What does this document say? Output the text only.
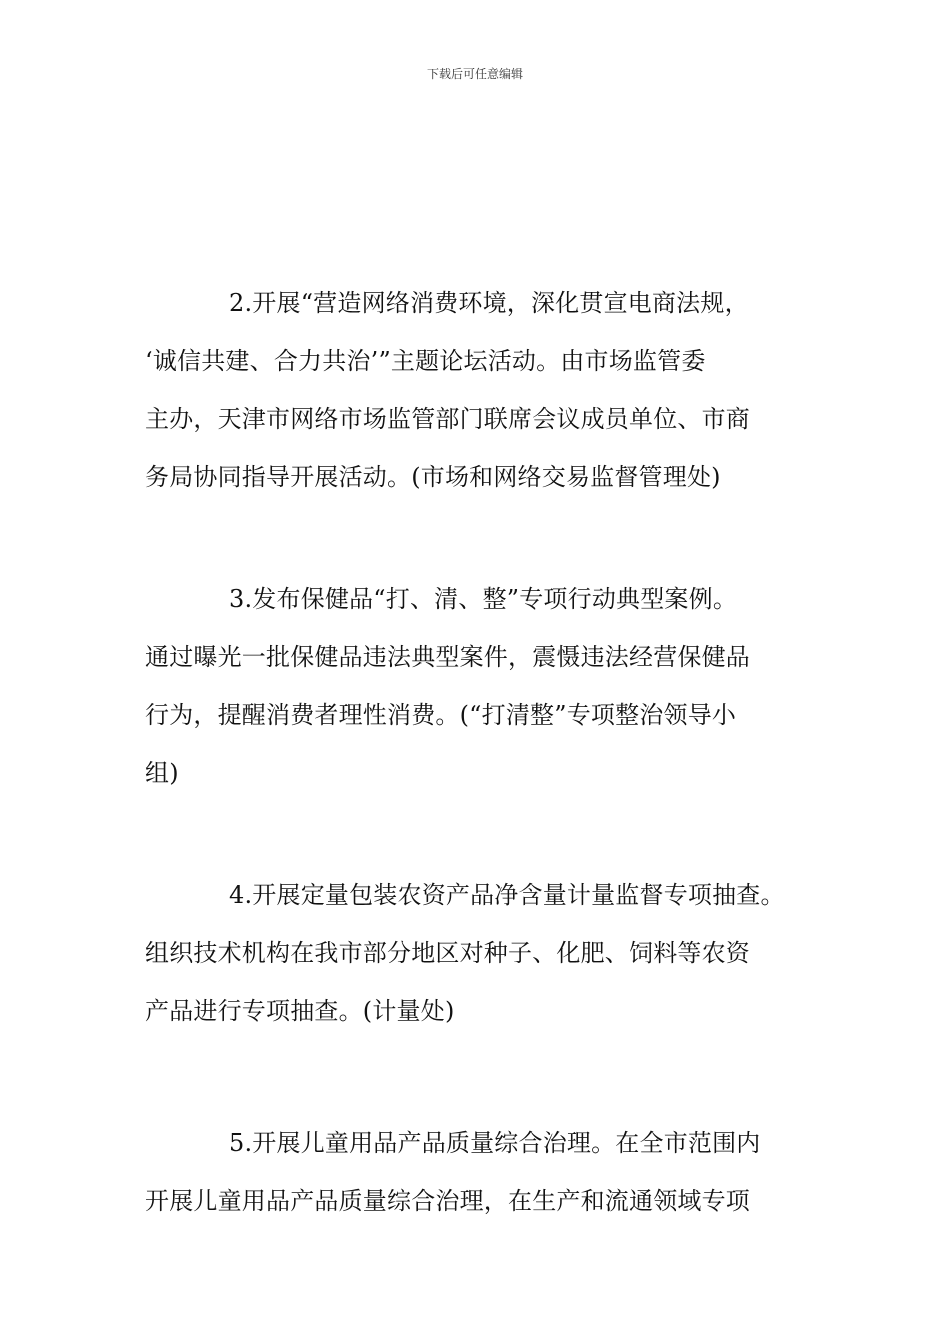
下载后可任意编辑

2.开展“营造网络消费环境，深化贯宣电商法规，
‘诚信共建、合力共治’”主题论坛活动。由市场监管委
主办，天津市网络市场监管部门联席会议成员单位、市商
务局协同指导开展活动。(市场和网络交易监督管理处)

3.发布保健品“打、清、整”专项行动典型案例。
通过曝光一批保健品违法典型案件，震慑违法经营保健品
行为，提醒消费者理性消费。(“打清整”专项整治领导小
组)

4.开展定量包装农资产品净含量计量监督专项抽查。
组织技术机构在我市部分地区对种子、化肥、饲料等农资
产品进行专项抽查。(计量处)

5.开展儿童用品产品质量综合治理。在全市范围内
开展儿童用品产品质量综合治理，在生产和流通领域专项
